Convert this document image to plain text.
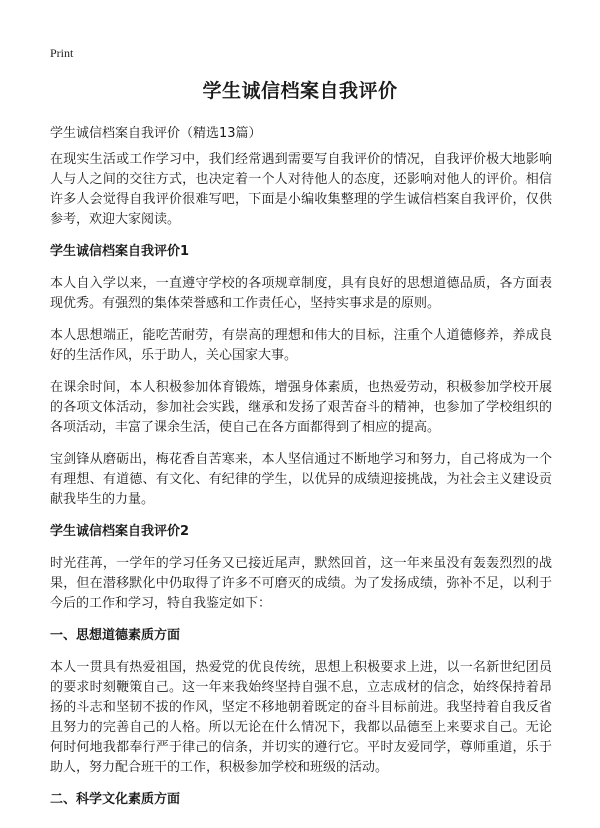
Print
学生诚信档案自我评价
学生诚信档案自我评价（精选13篇）

在现实生活或工作学习中，我们经常遇到需要写自我评价的情况，自我评价极大地影响人与人之间的交往方式，也决定着一个人对待他人的态度，还影响对他人的评价。相信许多人会觉得自我评价很难写吧，下面是小编收集整理的学生诚信档案自我评价，仅供参考，欢迎大家阅读。

学生诚信档案自我评价1

本人自入学以来，一直遵守学校的各项规章制度，具有良好的思想道德品质，各方面表现优秀。有强烈的集体荣誉感和工作责任心，坚持实事求是的原则。

本人思想端正，能吃苦耐劳，有崇高的理想和伟大的目标，注重个人道德修养，养成良好的生活作风，乐于助人，关心国家大事。

在课余时间，本人积极参加体育锻炼，增强身体素质，也热爱劳动，积极参加学校开展的各项文体活动，参加社会实践，继承和发扬了艰苦奋斗的精神，也参加了学校组织的各项活动，丰富了课余生活，使自己在各方面都得到了相应的提高。

宝剑锋从磨砺出，梅花香自苦寒来，本人坚信通过不断地学习和努力，自己将成为一个有理想、有道德、有文化、有纪律的学生，以优异的成绩迎接挑战，为社会主义建设贡献我毕生的力量。

学生诚信档案自我评价2

时光荏苒，一学年的学习任务又已接近尾声，默然回首，这一年来虽没有轰轰烈烈的战果，但在潜移默化中仍取得了许多不可磨灭的成绩。为了发扬成绩，弥补不足，以利于今后的工作和学习，特自我鉴定如下：

一、思想道德素质方面

本人一贯具有热爱祖国，热爱党的优良传统，思想上积极要求上进，以一名新世纪团员的要求时刻鞭策自己。这一年来我始终坚持自强不息，立志成材的信念，始终保持着昂扬的斗志和坚韧不拔的作风，坚定不移地朝着既定的奋斗目标前进。我坚持着自我反省且努力的完善自己的人格。所以无论在什么情况下，我都以品德至上来要求自己。无论何时何地我都奉行严于律己的信条，并切实的遵行它。平时友爱同学，尊师重道，乐于助人，努力配合班干的工作，积极参加学校和班级的活动。

二、科学文化素质方面
